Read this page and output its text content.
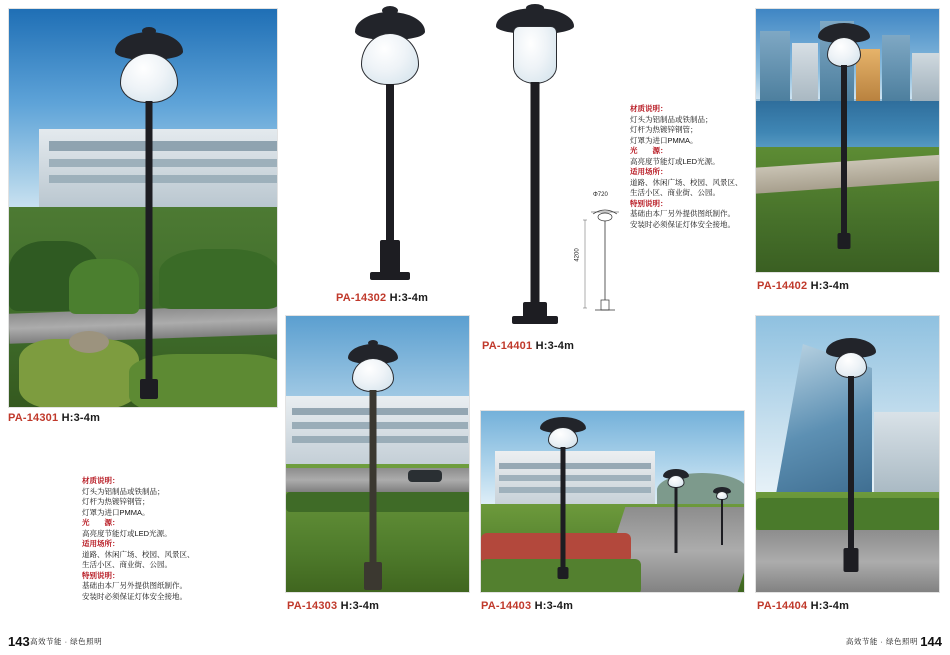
PA-14301 H:3-4m
材质说明：
灯头为铝制品或铁制品；
灯杆为热镀锌钢管；
灯罩为进口PMMA。
光　　源：
高亮度节能灯或LED光源。
适用场所：
道路、休闲广场、校园、风景区、
生活小区、商业街、公园。
特别说明：
基础由本厂另外提供图纸制作。
安装时必须保证灯体安全接地。
PA-14302 H:3-4m
PA-14401 H:3-4m
Φ720
4200
材质说明：
灯头为铝制品或铁制品；
灯杆为热镀锌钢管；
灯罩为进口PMMA。
光　　源：
高亮度节能灯或LED光源。
适用场所：
道路、休闲广场、校园、风景区、
生活小区、商业街、公园。
特别说明：
基础由本厂另外提供图纸制作。
安装时必须保证灯体安全接地。
PA-14402 H:3-4m
PA-14303 H:3-4m	PA-14403 H:3-4m	PA-14404 H:3-4m
143 高效节能 · 绿色照明	高效节能 · 绿色照明 144
